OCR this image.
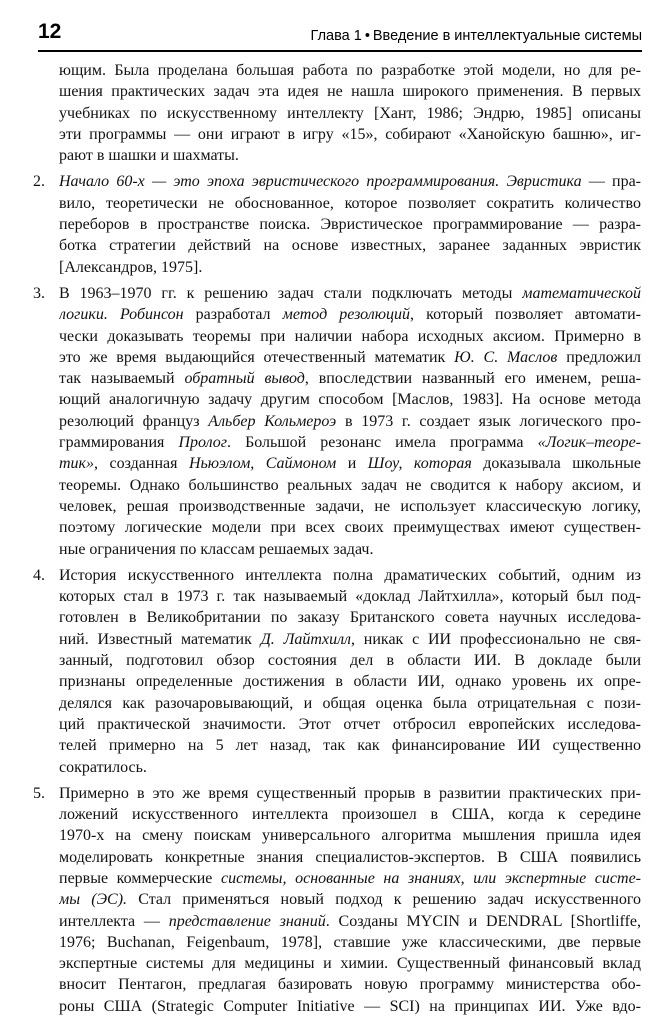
12	Глава 1 • Введение в интеллектуальные системы
ющим. Была проделана большая работа по разработке этой модели, но для ре-
шения практических задач эта идея не нашла широкого применения. В первых
учебниках по искусственному интеллекту [Хант, 1986; Эндрю, 1985] описаны
эти программы — они играют в игру «15», собирают «Ханойскую башню», иг-
рают в шашки и шахматы.
2. Начало 60-х — это эпоха эвристического программирования. Эвристика — пра-
вило, теоретически не обоснованное, которое позволяет сократить количество
переборов в пространстве поиска. Эвристическое программирование — разра-
ботка стратегии действий на основе известных, заранее заданных эвристик
[Александров, 1975].
3. В 1963–1970 гг. к решению задач стали подключать методы математической
логики. Робинсон разработал метод резолюций, который позволяет автомати-
чески доказывать теоремы при наличии набора исходных аксиом. Примерно в
это же время выдающийся отечественный математик Ю. С. Маслов предложил
так называемый обратный вывод, впоследствии названный его именем, реша-
ющий аналогичную задачу другим способом [Маслов, 1983]. На основе метода
резолюций француз Альбер Кольмероэ в 1973 г. создает язык логического про-
граммирования Пролог. Большой резонанс имела программа «Логик–теоре-
тик», созданная Ньюэлом, Саймоном и Шоу, которая доказывала школьные
теоремы. Однако большинство реальных задач не сводится к набору аксиом, и
человек, решая производственные задачи, не использует классическую логику,
поэтому логические модели при всех своих преимуществах имеют существен-
ные ограничения по классам решаемых задач.
4. История искусственного интеллекта полна драматических событий, одним из
которых стал в 1973 г. так называемый «доклад Лайтхилла», который был под-
готовлен в Великобритании по заказу Британского совета научных исследова-
ний. Известный математик Д. Лайтхилл, никак с ИИ профессионально не свя-
занный, подготовил обзор состояния дел в области ИИ. В докладе были
признаны определенные достижения в области ИИ, однако уровень их опре-
делялся как разочаровывающий, и общая оценка была отрицательная с пози-
ций практической значимости. Этот отчет отбросил европейских исследова-
телей примерно на 5 лет назад, так как финансирование ИИ существенно
сократилось.
5. Примерно в это же время существенный прорыв в развитии практических при-
ложений искусственного интеллекта произошел в США, когда к середине
1970-х на смену поискам универсального алгоритма мышления пришла идея
моделировать конкретные знания специалистов-экспертов. В США появились
первые коммерческие системы, основанные на знаниях, или экспертные систе-
мы (ЭС). Стал применяться новый подход к решению задач искусственного
интеллекта — представление знаний. Созданы MYCIN и DENDRAL [Shortliffe,
1976; Buchanan, Feigenbaum, 1978], ставшие уже классическими, две первые
экспертные системы для медицины и химии. Существенный финансовый вклад
вносит Пентагон, предлагая базировать новую программу министерства обо-
роны США (Strategic Computer Initiative — SCI) на принципах ИИ. Уже вдо-
